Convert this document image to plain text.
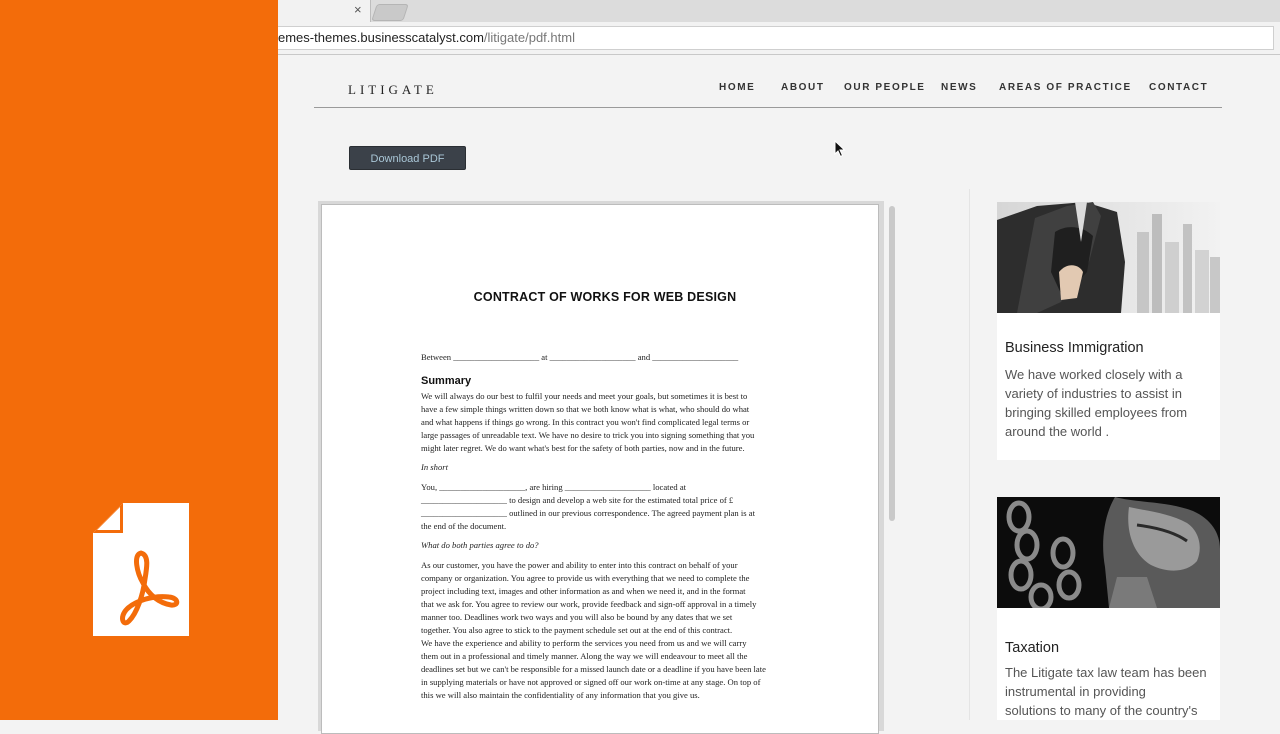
×
emes-themes.businesscatalyst.com/litigate/pdf.html
LITIGATE	HOME	ABOUT OUR PEOPLE NEWS AREAS OF PRACTICE CONTACT
Download PDF
CONTRACT OF WORKS FOR WEB DESIGN
Between ____________________ at ____________________ and ____________________
Summary
We will always do our best to fulfil your needs and meet your goals, but sometimes it is best to
have a few simple things written down so that we both know what is what, who should do what
and what happens if things go wrong. In this contract you won't find complicated legal terms or
large passages of unreadable text. We have no desire to trick you into signing something that you
might later regret. We do want what's best for the safety of both parties, now and in the future.
In short
You, ____________________, are hiring ____________________ located at
____________________ to design and develop a web site for the estimated total price of £
____________________ outlined in our previous correspondence. The agreed payment plan is at
the end of the document.
What do both parties agree to do?
As our customer, you have the power and ability to enter into this contract on behalf of your
company or organization. You agree to provide us with everything that we need to complete the
project including text, images and other information as and when we need it, and in the format
that we ask for. You agree to review our work, provide feedback and sign-off approval in a timely
manner too. Deadlines work two ways and you will also be bound by any dates that we set
together. You also agree to stick to the payment schedule set out at the end of this contract.
We have the experience and ability to perform the services you need from us and we will carry
them out in a professional and timely manner. Along the way we will endeavour to meet all the
deadlines set but we can't be responsible for a missed launch date or a deadline if you have been late
in supplying materials or have not approved or signed off our work on-time at any stage. On top of
this we will also maintain the confidentiality of any information that you give us.
Business Immigration
We have worked closely with a
variety of industries to assist in
bringing skilled employees from
around the world .
Taxation
The Litigate tax law team has been
instrumental in providing
solutions to many of the country's
